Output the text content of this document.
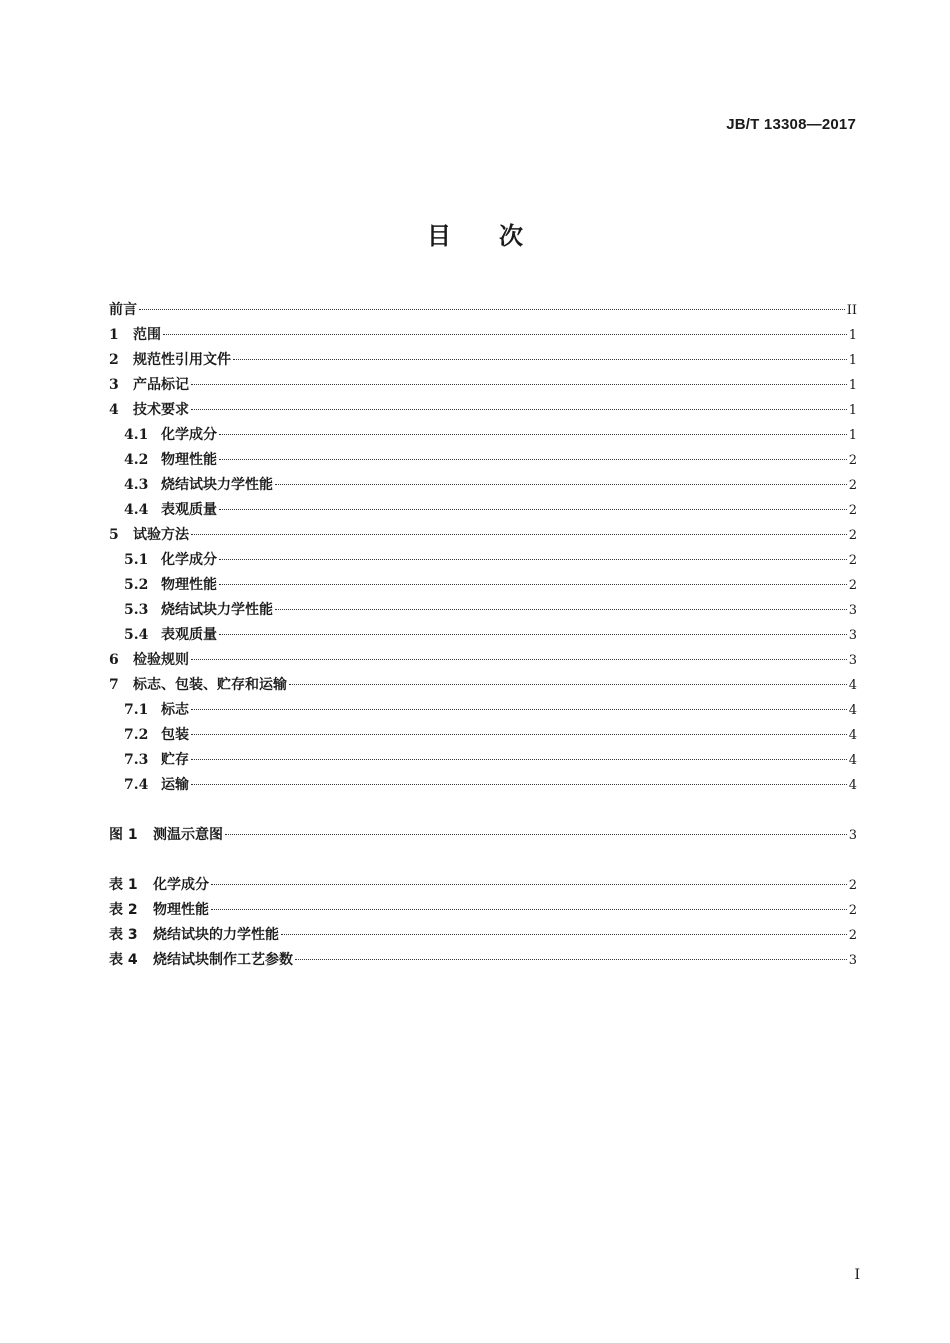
JB/T 13308—2017
目次
前言	II
1	范围	1
2	规范性引用文件	1
3	产品标记	1
4	技术要求	1
4.1 化学成分	1
4.2 物理性能	2
4.3 烧结试块力学性能	2
4.4 表观质量	2
5	试验方法	2
5.1 化学成分	2
5.2 物理性能	2
5.3 烧结试块力学性能	3
5.4 表观质量	3
6	检验规则	3
7	标志、包装、贮存和运输	4
7.1 标志	4
7.2 包装	4
7.3 贮存	4
7.4 运输	4
图 1	测温示意图	3
表 1	化学成分	2
表 2	物理性能	2
表 3	烧结试块的力学性能	2
表 4	烧结试块制作工艺参数	3
I
